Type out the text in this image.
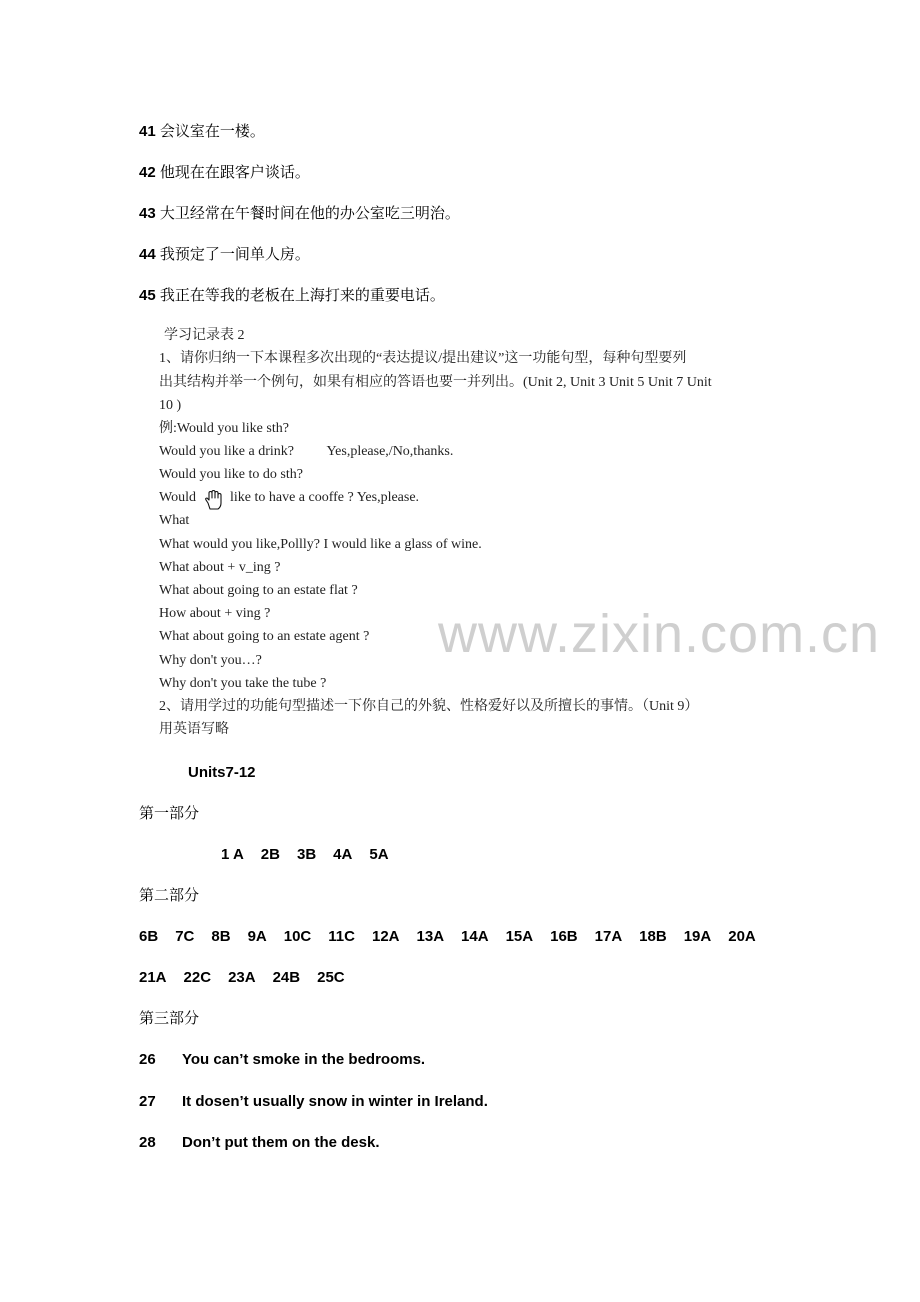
41 会议室在一楼。
42 他现在在跟客户谈话。
43 大卫经常在午餐时间在他的办公室吃三明治。
44 我预定了一间单人房。
45 我正在等我的老板在上海打来的重要电话。
学习记录表 2
1、请你归纳一下本课程多次出现的“表达提议/提出建议”这一功能句型，每种句型要列
出其结构并举一个例句，如果有相应的答语也要一并列出。(Unit 2, Unit 3 Unit 5 Unit 7 Unit
10 )
例:Would you like sth?
Would you like a drink? Yes,please,/No,thanks.
Would you like to do sth?
Would like to have a cooffe ? Yes,please.
What
What would you like,Pollly? I would like a glass of wine.
What about + v_ing ?
What about going to an estate flat ?
How about + ving ?
What about going to an estate agent ?
Why don't you…?
Why don't you take the tube ?
2、请用学过的功能句型描述一下你自己的外貌、性格爱好以及所擅长的事情。（Unit 9）
用英语写略
www.zixin.com.cn
Units7-12
第一部分
1 A 2B 3B 4A 5A
第二部分
6B 7C 8B 9A 10C 11C 12A 13A 14A 15A 16B 17A 18B 19A 20A
21A 22C 23A 24B 25C
第三部分
26 You can’t smoke in the bedrooms.
27 It dosen’t usually snow in winter in Ireland.
28 Don’t put them on the desk.
